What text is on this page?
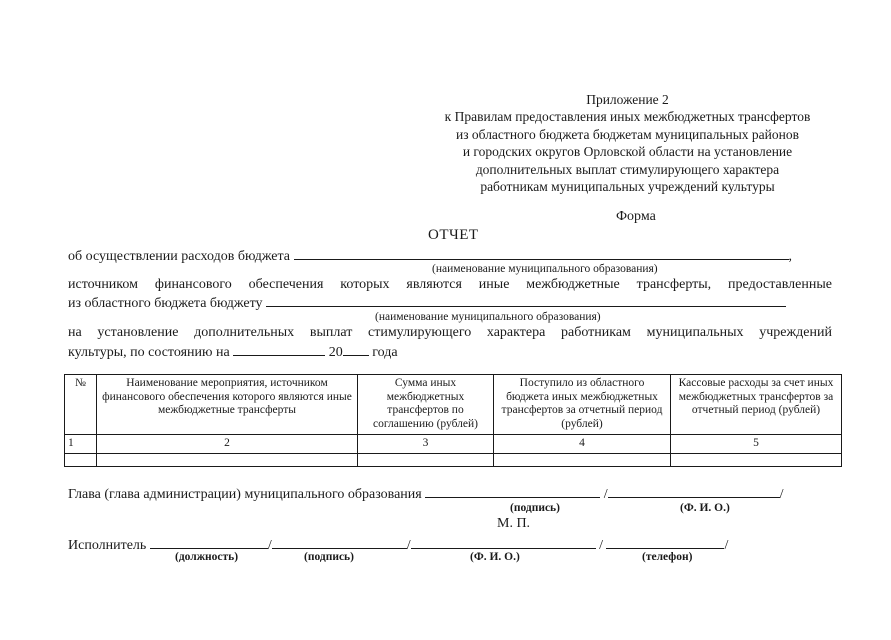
Приложение 2
к Правилам предоставления иных межбюджетных трансфертов
из областного бюджета бюджетам муниципальных районов
и городских округов Орловской области на установление
дополнительных выплат стимулирующего характера
работникам муниципальных учреждений культуры
Форма
ОТЧЕТ
об осуществлении расходов бюджета	,
(наименование муниципального образования)
источником финансового обеспечения которых являются иные межбюджетные трансферты, предоставленные
из областного бюджета бюджету
(наименование муниципального образования)
на установление дополнительных выплат стимулирующего характера работникам муниципальных учреждений
культуры, по состоянию на	20 года
№	Наименование мероприятия, источником финансового обеспечения которого являются иные межбюджетные трансферты	Сумма иных межбюджетных трансфертов по соглашению (рублей)	Поступило из областного бюджета иных межбюджетных трансфертов за отчетный период (рублей)	Кассовые расходы за счет иных межбюджетных трансфертов за отчетный период (рублей)
1	2	3	4	5

Глава (глава администрации) муниципального образования	/	/
(подпись)	(Ф. И. О.)
М. П.
Исполнитель	/	/	/	/
(должность)	(подпись)	(Ф. И. О.)	(телефон)
